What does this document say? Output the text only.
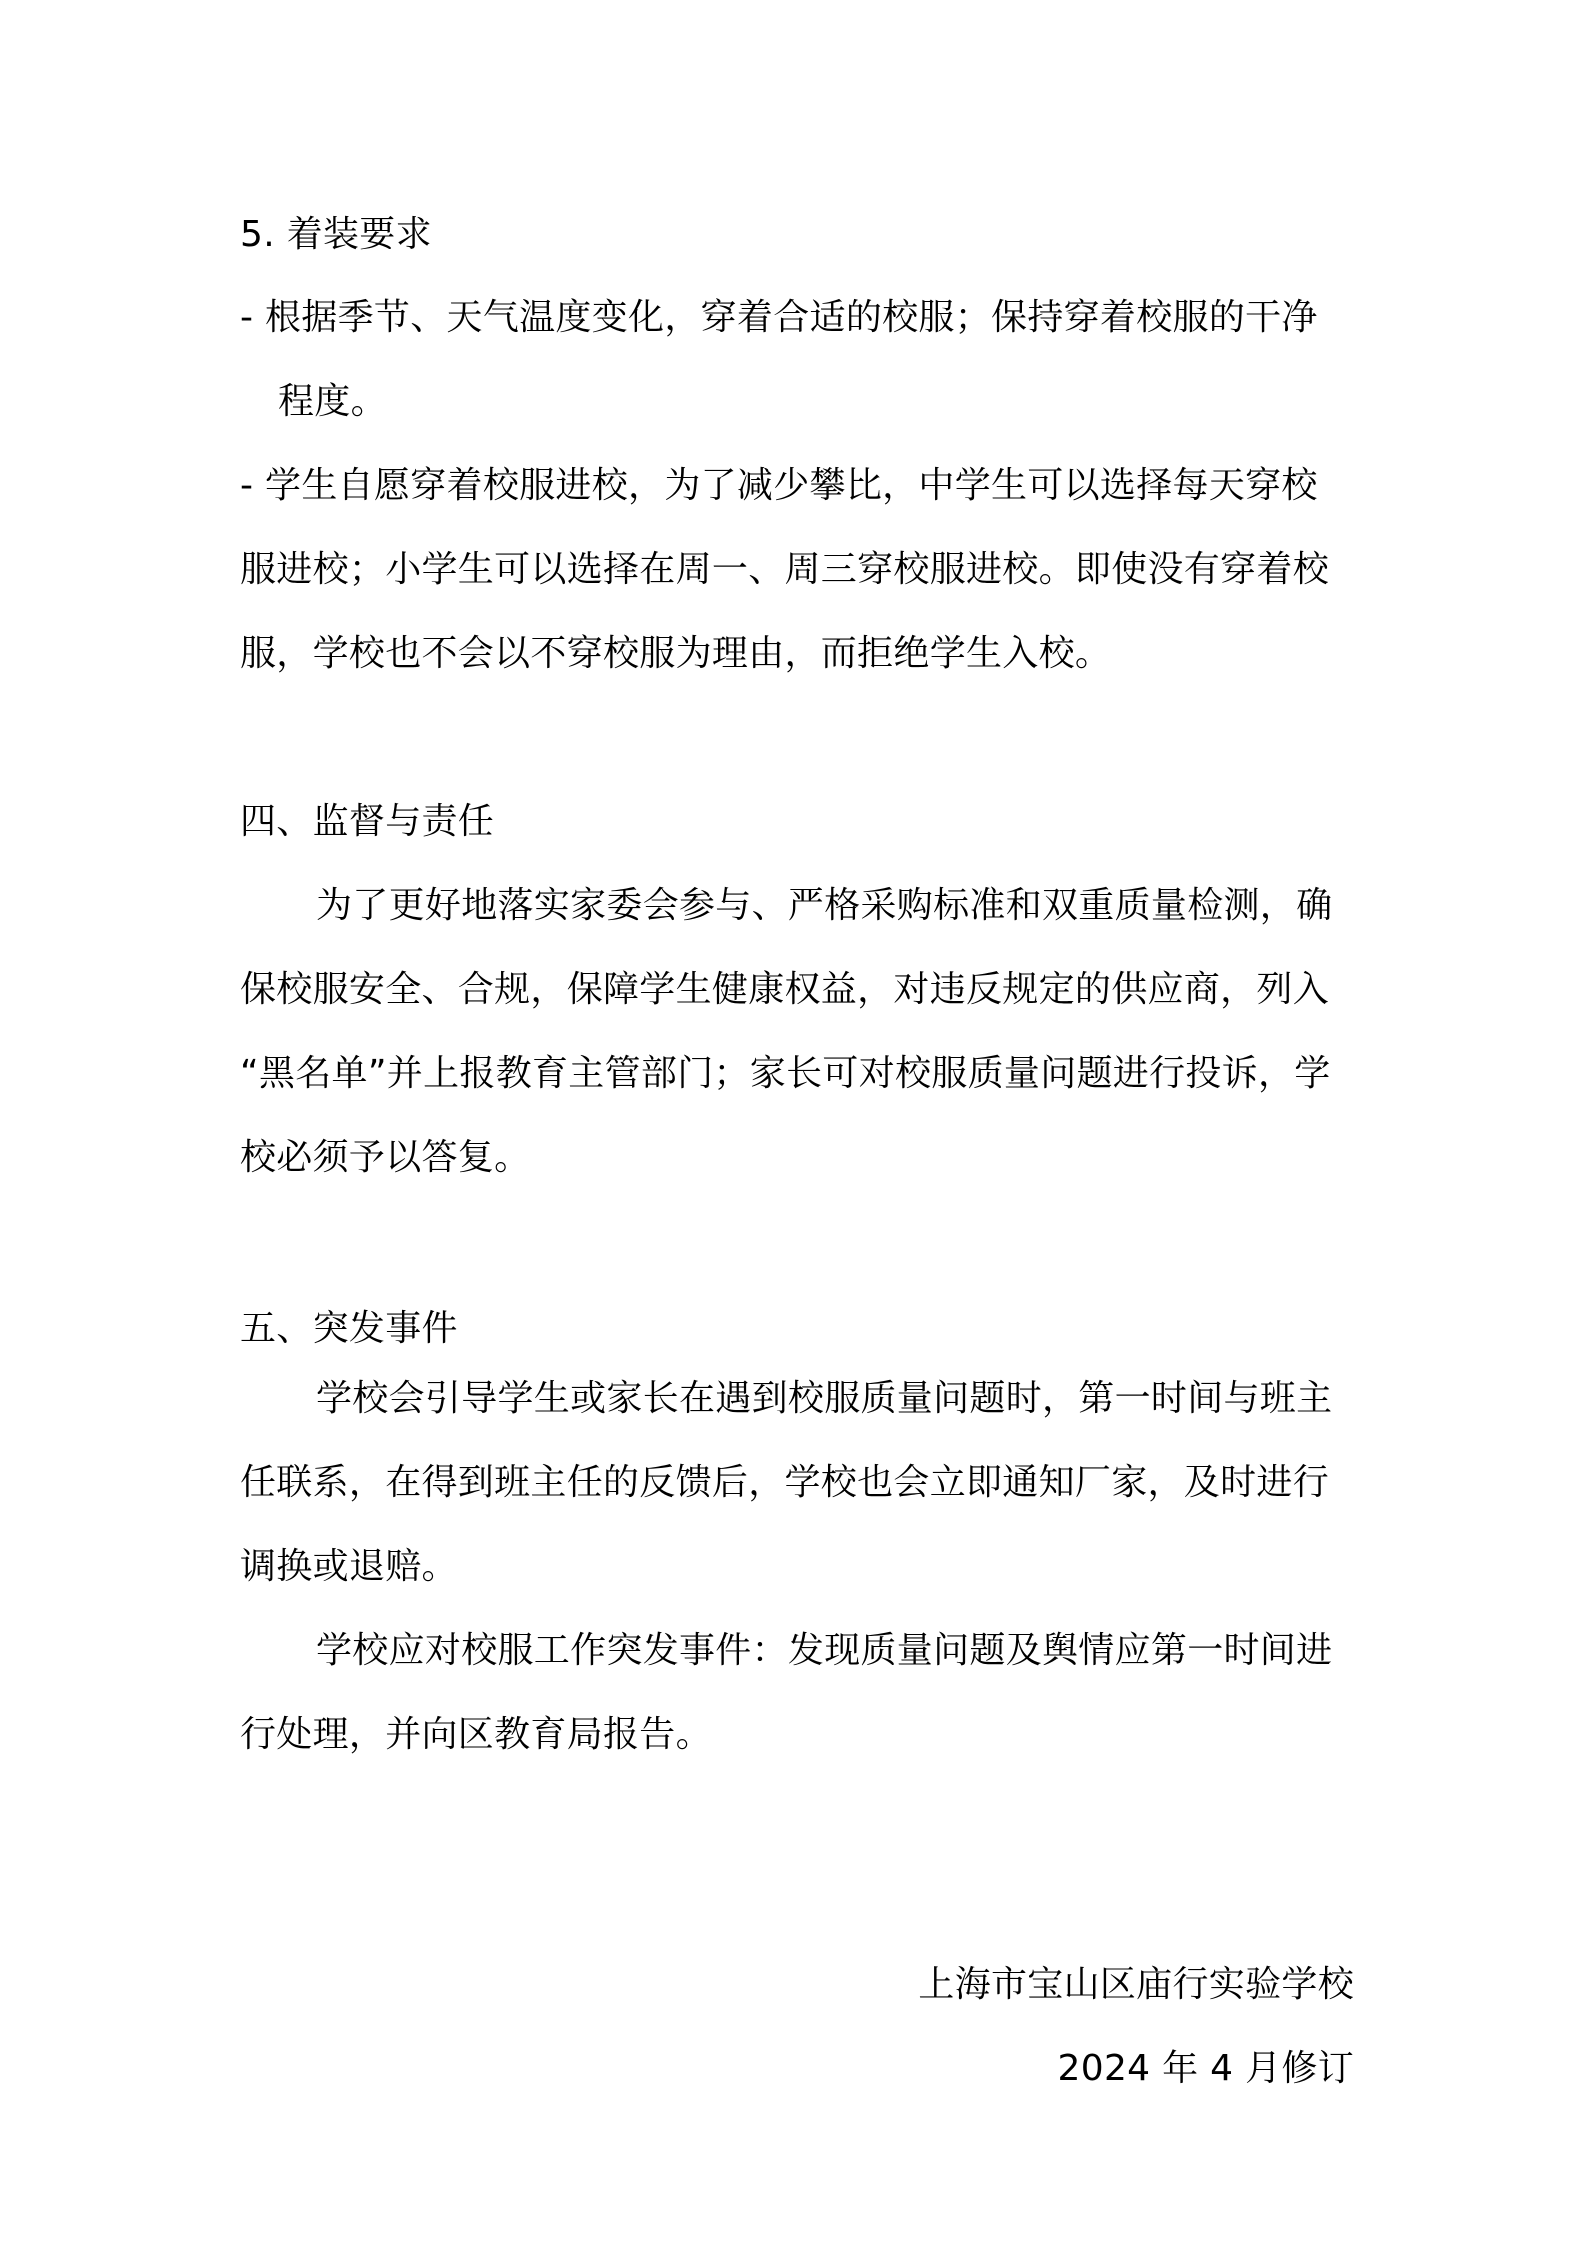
5. 着装要求
- 根据季节、天气温度变化，穿着合适的校服；保持穿着校服的干净
程度。
- 学生自愿穿着校服进校，为了减少攀比，中学生可以选择每天穿校
服进校；小学生可以选择在周一、周三穿校服进校。即使没有穿着校
服，学校也不会以不穿校服为理由，而拒绝学生入校。
四、监督与责任
为了更好地落实家委会参与、严格采购标准和双重质量检测，确
保校服安全、合规，保障学生健康权益，对违反规定的供应商，列入
“黑名单”并上报教育主管部门；家长可对校服质量问题进行投诉，学
校必须予以答复。
五、突发事件
学校会引导学生或家长在遇到校服质量问题时，第一时间与班主
任联系，在得到班主任的反馈后，学校也会立即通知厂家，及时进行
调换或退赔。
学校应对校服工作突发事件：发现质量问题及舆情应第一时间进
行处理，并向区教育局报告。
上海市宝山区庙行实验学校
2024 年 4 月修订
